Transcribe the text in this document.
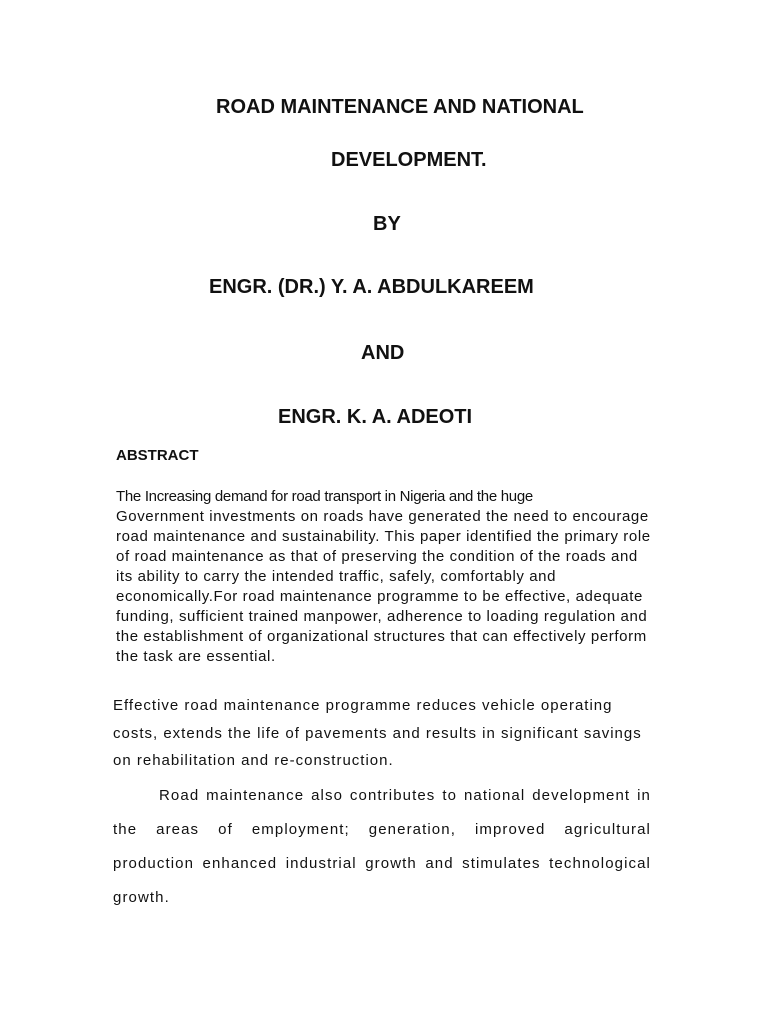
ROAD MAINTENANCE AND NATIONAL
DEVELOPMENT.
BY
ENGR. (DR.) Y. A. ABDULKAREEM
AND
ENGR. K. A. ADEOTI
ABSTRACT

The Increasing demand for road transport in Nigeria and the huge
Government investments on roads have generated the need to encourage road maintenance and sustainability. This paper identified the primary role of road maintenance as that of preserving the condition of the roads and its ability to carry the intended traffic, safely, comfortably and economically.For road maintenance programme to be effective, adequate funding, sufficient trained manpower, adherence to loading regulation and the establishment of organizational structures that can effectively perform the task are essential.

Effective road maintenance programme reduces vehicle operating costs, extends the life of pavements and results in significant savings on rehabilitation and re-construction.

Road maintenance also contributes to national development in the areas of employment; generation, improved agricultural production enhanced industrial growth and stimulates technological growth.
